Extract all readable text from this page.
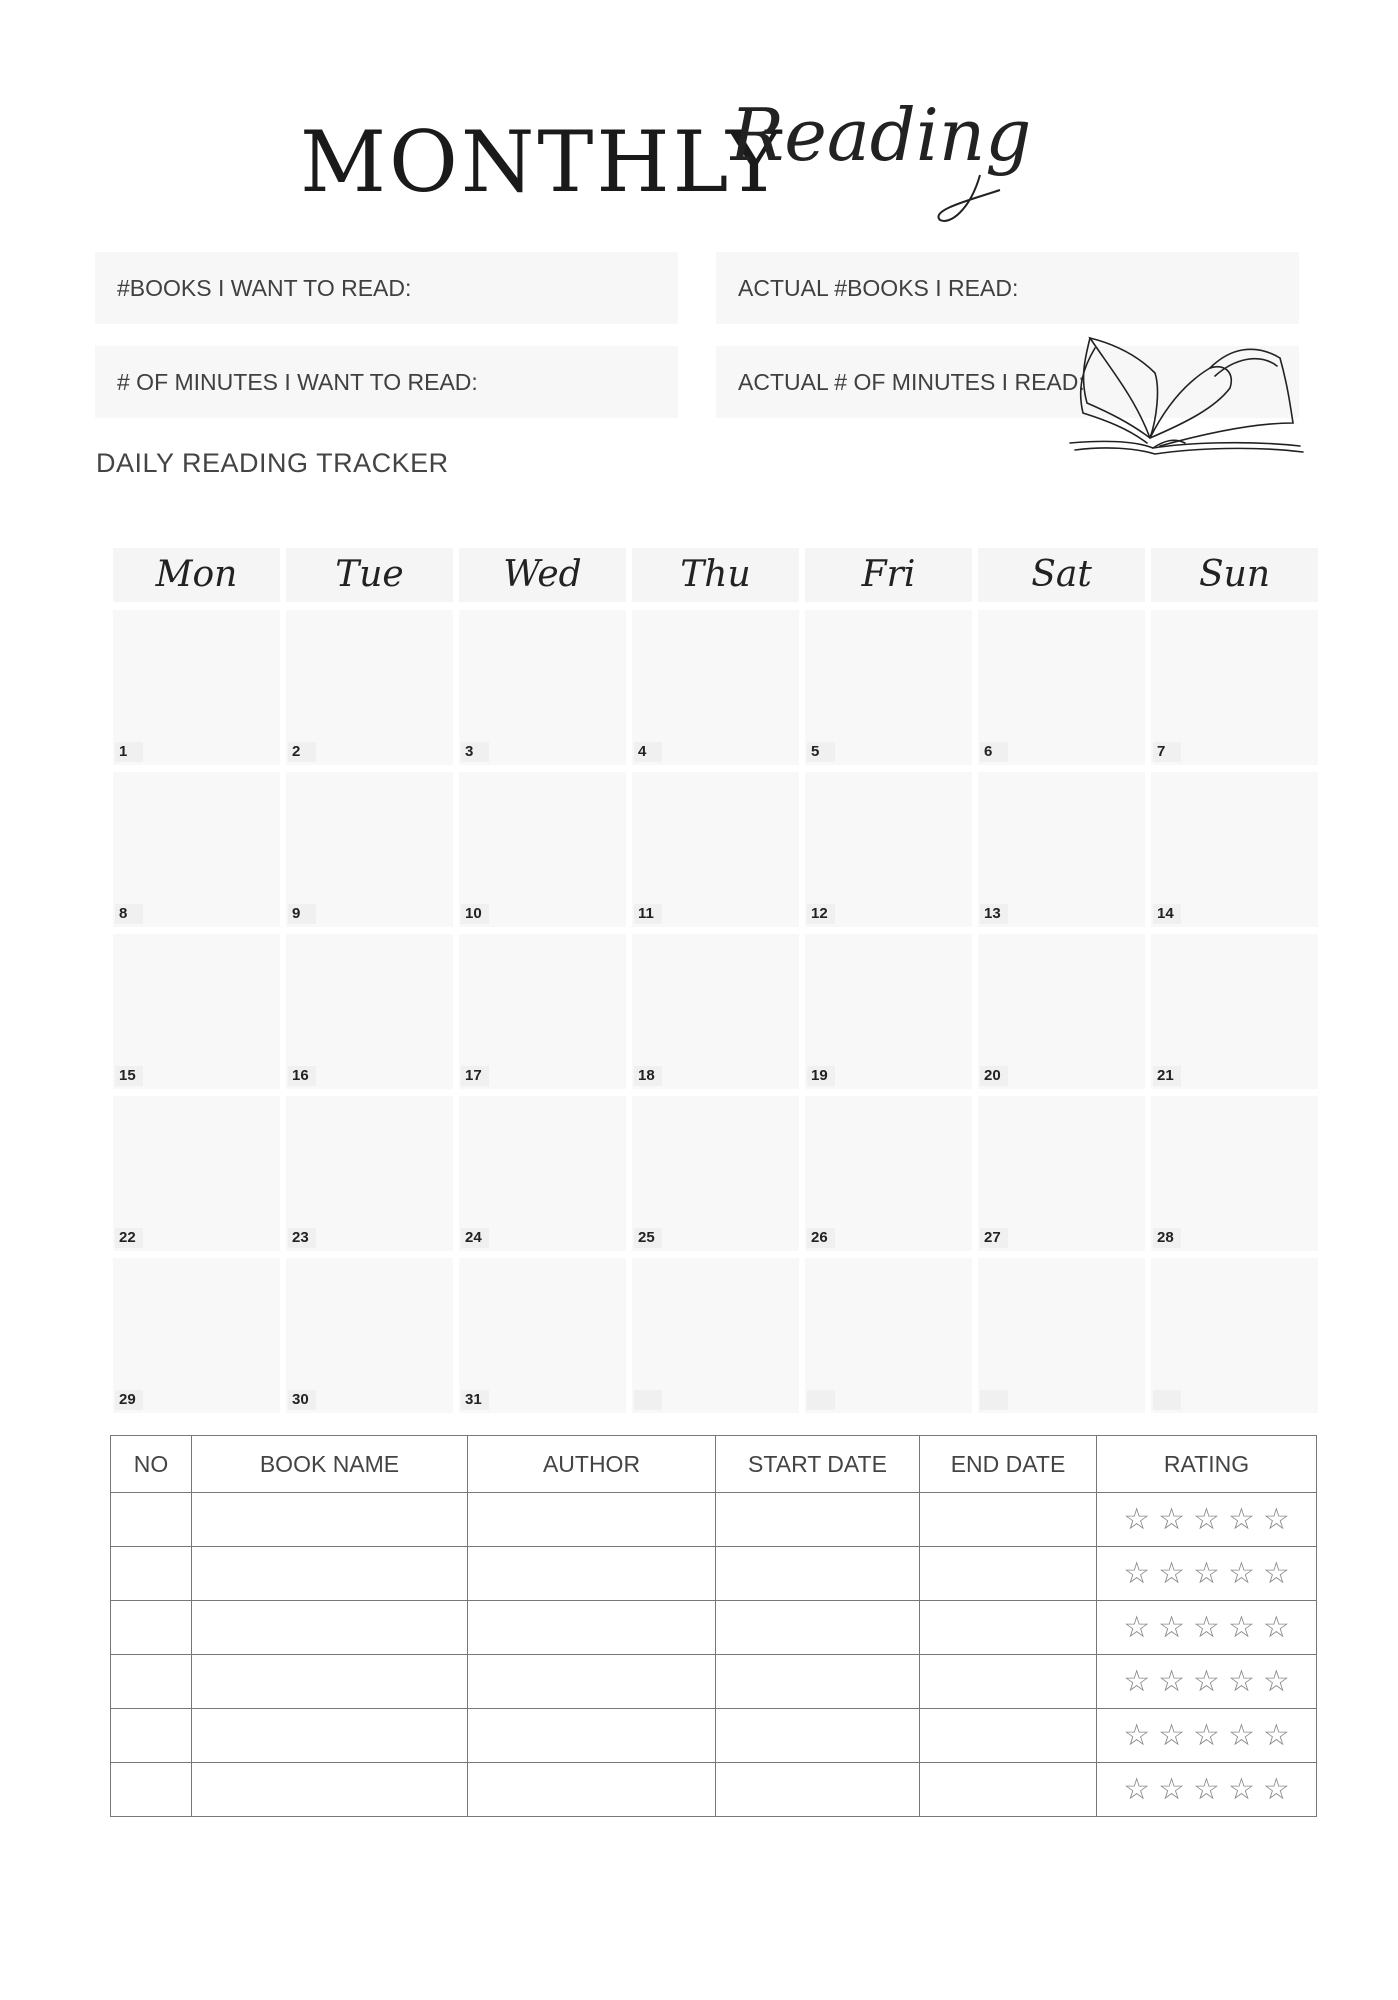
MONTHLY
Reading
#BOOKS I WANT TO READ:	ACTUAL #BOOKS I READ:
# OF MINUTES I WANT TO READ:	ACTUAL # OF MINUTES I READ:
DAILY READING TRACKER
Mon	Tue	Wed	Thu	Fri	Sat	Sun
1	2	3	4	5	6	7
8	9	10	11	12	13	14
15	16	17	18	19	20	21
22	23	24	25	26	27	28
29	30	31
NO	BOOK NAME	AUTHOR	START DATE	END DATE	RATING
					☆ ☆ ☆ ☆ ☆
					☆ ☆ ☆ ☆ ☆
					☆ ☆ ☆ ☆ ☆
					☆ ☆ ☆ ☆ ☆
					☆ ☆ ☆ ☆ ☆
					☆ ☆ ☆ ☆ ☆
